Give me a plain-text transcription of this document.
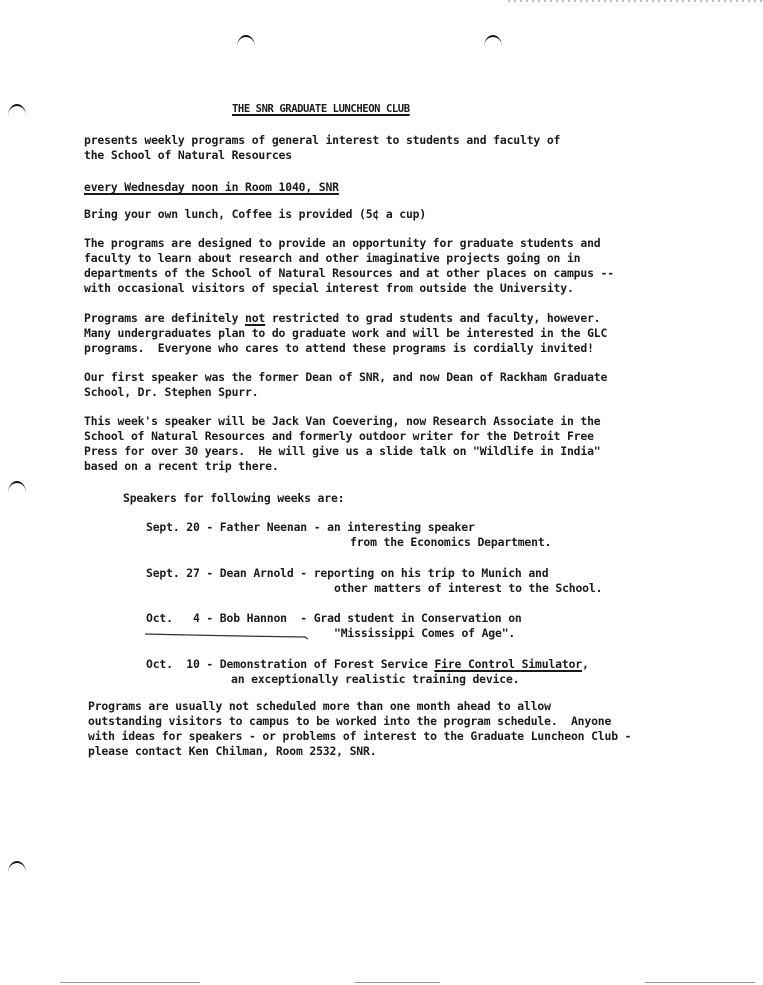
THE SNR GRADUATE LUNCHEON CLUB
presents weekly programs of general interest to students and faculty of
the School of Natural Resources
every Wednesday noon in Room 1040, SNR
Bring your own lunch, Coffee is provided (5¢ a cup)
The programs are designed to provide an opportunity for graduate students and
faculty to learn about research and other imaginative projects going on in
departments of the School of Natural Resources and at other places on campus --
with occasional visitors of special interest from outside the University.
Programs are definitely not restricted to grad students and faculty, however.
Many undergraduates plan to do graduate work and will be interested in the GLC
programs.  Everyone who cares to attend these programs is cordially invited!
Our first speaker was the former Dean of SNR, and now Dean of Rackham Graduate
School, Dr. Stephen Spurr.
This week's speaker will be Jack Van Coevering, now Research Associate in the
School of Natural Resources and formerly outdoor writer for the Detroit Free
Press for over 30 years.  He will give us a slide talk on "Wildlife in India"
based on a recent trip there.
Speakers for following weeks are:
Sept. 20 - Father Neenan - an interesting speaker
from the Economics Department.
Sept. 27 - Dean Arnold - reporting on his trip to Munich and
other matters of interest to the School.
Oct.   4 - Bob Hannon  - Grad student in Conservation on
"Mississippi Comes of Age".
Oct.  10 - Demonstration of Forest Service Fire Control Simulator,
an exceptionally realistic training device.
Programs are usually not scheduled more than one month ahead to allow
outstanding visitors to campus to be worked into the program schedule.  Anyone
with ideas for speakers - or problems of interest to the Graduate Luncheon Club -
please contact Ken Chilman, Room 2532, SNR.
